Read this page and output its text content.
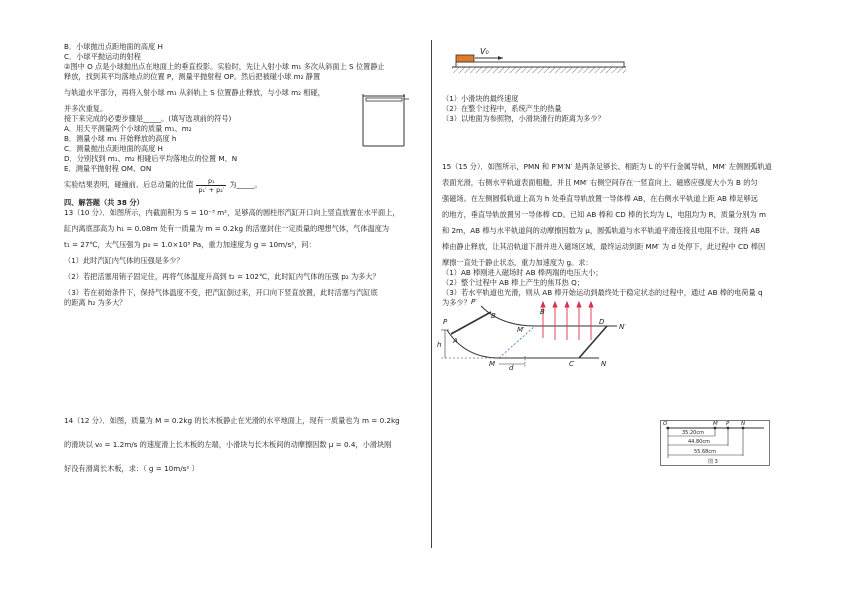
B．小球抛出点距地面的高度 H
C．小球平抛运动的射程
②图中 O 点是小球抛出点在地面上的垂直投影。实验时，先让入射小球 m₁ 多次从斜面上 S 位置静止
释放，找到其平均落地点的位置 P，测量平抛射程 OP。然后把被碰小球 m₂ 静置
与轨道水平部分，再将入射小球 m₁ 从斜轨上 S 位置静止释放，与小球 m₂ 相碰，
并多次重复。
接下来完成的必要步骤是_____。(填写选项前的符号)
A．用天平测量两个小球的质量 m₁、m₂
B．测量小球 m₁ 开始释放的高度 h
C．测量抛出点距地面的高度 H
D．分别找到 m₁、m₂ 相碰后平均落地点的位置 M、N
E．测量平抛射程 OM、ON
实验结果表明，碰撞前、后总动量的比值 $\frac{\text{p₁}}{\text{p₁′ + p₂′}}$ 为_____。
四、解答题（共 38 分）
13（10 分）．如图所示，内截面积为 S = 10⁻³ m²，足够高的圆柱形汽缸开口向上竖直放置在水平面上，
缸内离底部高为 h₁ = 0.08m 处有一质量为 m = 0.2kg 的活塞封住一定质量的理想气体，气体温度为
t₁ = 27℃，大气压强为 p₀ = 1.0×10⁵ Pa，重力加速度为 g = 10m/s²，问：
（1）此时汽缸内气体的压强是多少？
（2）若把活塞用销子固定住，再将气体温度升高到 t₂ = 102℃，此时缸内气体的压强 p₂ 为多大？
（3）若在初始条件下，保持气体温度不变，把汽缸倒过来，开口向下竖直放置，此时活塞与汽缸底
的距离 h₂ 为多大？
14（12 分）．如图，质量为 M = 0.2kg 的长木板静止在光滑的水平地面上，现有一质量也为 m = 0.2kg
的滑块以 v₀ = 1.2m/s 的速度滑上长木板的左端，小滑块与长木板间的动摩擦因数 μ = 0.4，小滑块刚
好没有滑离长木板，求：（ g = 10m/s² ）
V₀
（1）小滑块的最终速度
（2）在整个过程中，系统产生的热量
（3）以地面为参照物，小滑块滑行的距离为多少？
15（15 分）．如图所示，PMN 和 P′M′N′ 是两条足够长、相距为 L 的平行金属导轨，MM′ 左侧圆弧轨道
表面光滑，右侧水平轨道表面粗糙，并且 MM′ 右侧空间存在一竖直向上、磁感应强度大小为 B 的匀
强磁场。在左侧圆弧轨道上高为 h 处垂直导轨放置一导体棒 AB，在右侧水平轨道上距 AB 棒足够远
的地方，垂直导轨放置另一导体棒 CD。已知 AB 棒和 CD 棒的长均为 L，电阻均为 R，质量分别为 m
和 2m，AB 棒与水平轨道间的动摩擦因数为 μ，圆弧轨道与水平轨道平滑连接且电阻不计。现将 AB
棒由静止释放，让其沿轨道下滑并进入磁场区域，最终运动到距 MM′ 为 d 处停下，此过程中 CD 棒因
摩擦一直处于静止状态，重力加速度为 g。求：
（1）AB 棒刚进入磁场时 AB 棒两端的电压大小；
（2）整个过程中 AB 棒上产生的焦耳热 Q；
（3）若水平轨道也光滑，则从 AB 棒开始运动到最终处于稳定状态的过程中，通过 AB 棒的电荷量 q
为多少？
P
P′
A
B
M′
D
N′
h
M d	C	N
B
O	M P N
35.20cm
44.80cm
55.68cm
图 3
